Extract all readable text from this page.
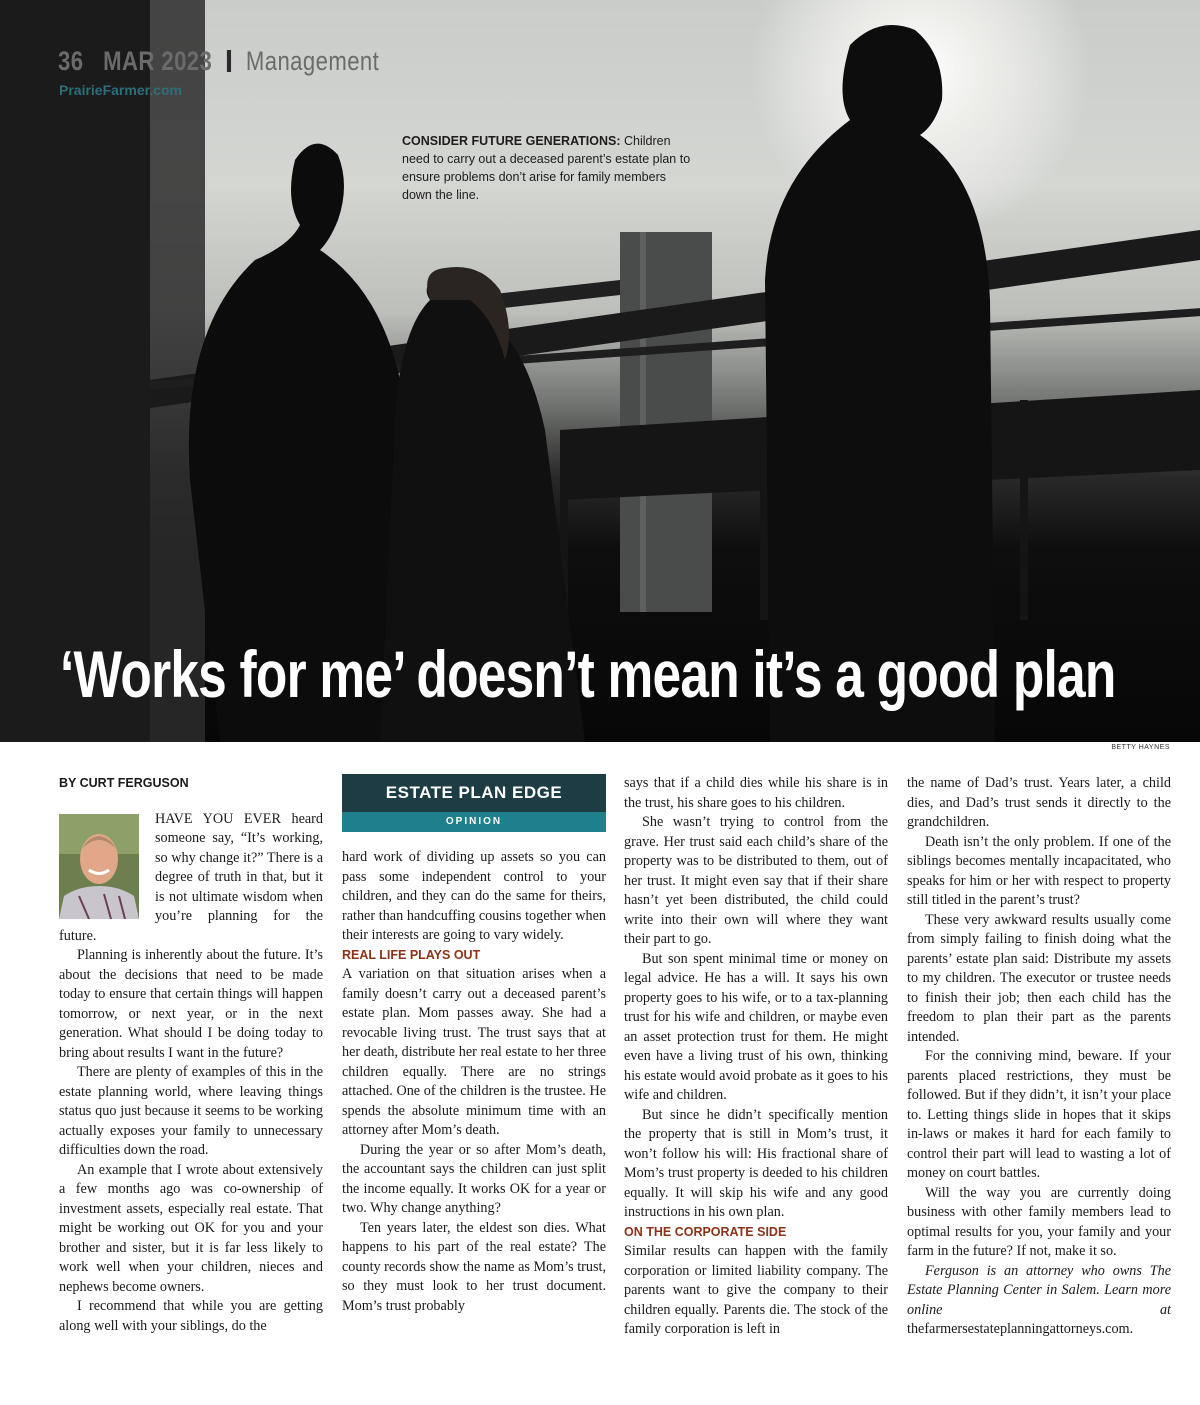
36 MAR 2023 Management
PrairieFarmer.com
CONSIDER FUTURE GENERATIONS: Children need to carry out a deceased parent’s estate plan to ensure problems don’t arise for family members down the line.
‘Works for me’ doesn’t mean it’s a good plan
BETTY HAYNES
BY CURT FERGUSON

HAVE YOU EVER heard someone say, “It’s working, so why change it?” There is a degree of truth in that, but it is not ultimate wisdom when you’re planning for the future.

Planning is inherently about the future. It’s about the decisions that need to be made today to ensure that certain things will happen tomorrow, or next year, or in the next generation. What should I be doing today to bring about results I want in the future?

There are plenty of examples of this in the estate planning world, where leaving things status quo just because it seems to be working actually exposes your family to unnecessary difficulties down the road.

An example that I wrote about extensively a few months ago was co-ownership of investment assets, especially real estate. That might be working out OK for you and your brother and sister, but it is far less likely to work well when your children, nieces and nephews become owners.

I recommend that while you are getting along well with your siblings, do the

ESTATE PLAN EDGE
OPINION

hard work of dividing up assets so you can pass some independent control to your children, and they can do the same for theirs, rather than handcuffing cousins together when their interests are going to vary widely.

REAL LIFE PLAYS OUT

A variation on that situation arises when a family doesn’t carry out a deceased parent’s estate plan. Mom passes away. She had a revocable living trust. The trust says that at her death, distribute her real estate to her three children equally. There are no strings attached. One of the children is the trustee. He spends the absolute minimum time with an attorney after Mom’s death.

During the year or so after Mom’s death, the accountant says the children can just split the income equally. It works OK for a year or two. Why change anything?

Ten years later, the eldest son dies. What happens to his part of the real estate? The county records show the name as Mom’s trust, so they must look to her trust document. Mom’s trust probably

says that if a child dies while his share is in the trust, his share goes to his children.

She wasn’t trying to control from the grave. Her trust said each child’s share of the property was to be distributed to them, out of her trust. It might even say that if their share hasn’t yet been distributed, the child could write into their own will where they want their part to go.

But son spent minimal time or money on legal advice. He has a will. It says his own property goes to his wife, or to a tax-planning trust for his wife and children, or maybe even an asset protection trust for them. He might even have a living trust of his own, thinking his estate would avoid probate as it goes to his wife and children.

But since he didn’t specifically mention the property that is still in Mom’s trust, it won’t follow his will: His fractional share of Mom’s trust property is deeded to his children equally. It will skip his wife and any good instructions in his own plan.

ON THE CORPORATE SIDE

Similar results can happen with the family corporation or limited liability company. The parents want to give the company to their children equally. Parents die. The stock of the family corporation is left in

the name of Dad’s trust. Years later, a child dies, and Dad’s trust sends it directly to the grandchildren.

Death isn’t the only problem. If one of the siblings becomes mentally incapacitated, who speaks for him or her with respect to property still titled in the parent’s trust?

These very awkward results usually come from simply failing to finish doing what the parents’ estate plan said: Distribute my assets to my children. The executor or trustee needs to finish their job; then each child has the freedom to plan their part as the parents intended.

For the conniving mind, beware. If your parents placed restrictions, they must be followed. But if they didn’t, it isn’t your place to. Letting things slide in hopes that it skips in-laws or makes it hard for each family to control their part will lead to wasting a lot of money on court battles.

Will the way you are currently doing business with other family members lead to optimal results for you, your family and your farm in the future? If not, make it so.

Ferguson is an attorney who owns The Estate Planning Center in Salem. Learn more online at thefarmersestateplanningattorneys.com.
